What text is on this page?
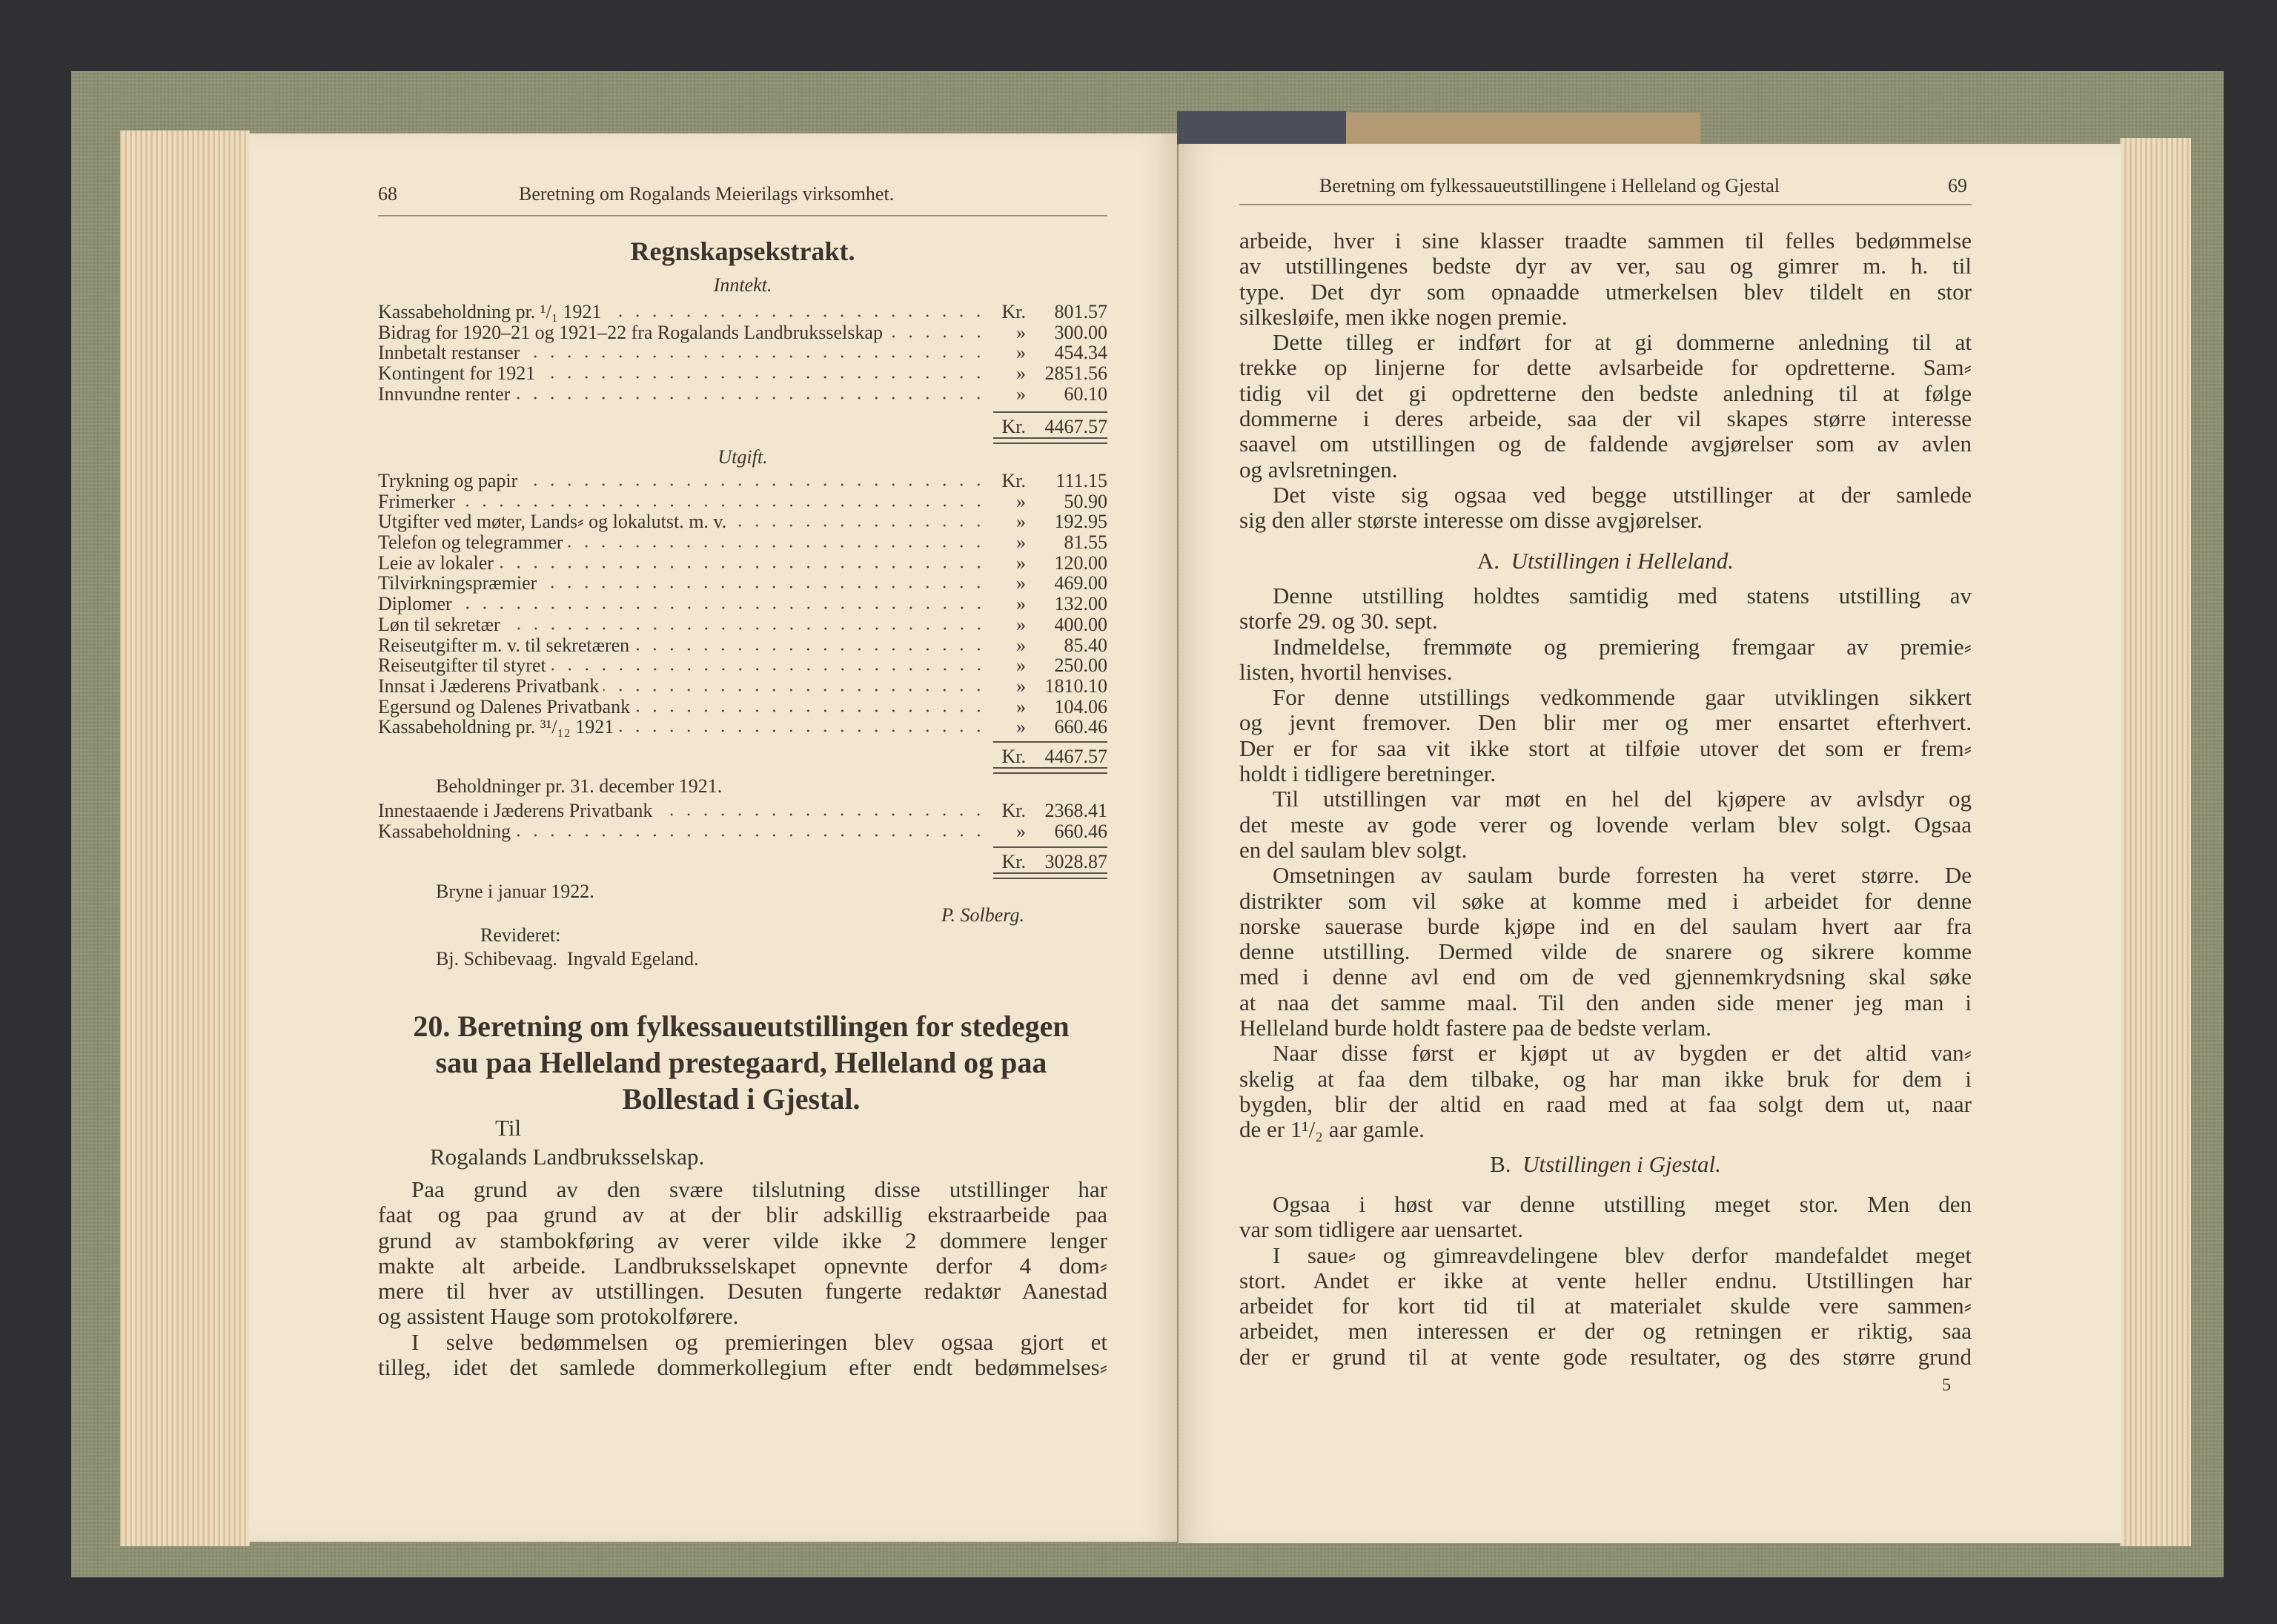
68	Beretning om Rogalands Meierilags virksomhet.
Regnskapsekstrakt.
Inntekt.
Kassabeholdning pr. ¹/₁ 1921	Kr.	801.57
Bidrag for 1920–21 og 1921–22 fra Rogalands Landbruksselskap	»	300.00
Innbetalt restanser	»	454.34
Kontingent for 1921	» 2851.56
Innvundne renter	»	60.10
Kr. 4467.57
Utgift.
Trykning og papir	Kr.	111.15
Frimerker	»	50.90
Utgifter ved møter, Lands⸗ og lokalutst. m. v.	»	192.95
Telefon og telegrammer	»	81.55
Leie av lokaler	»	120.00
Tilvirkningspræmier	»	469.00
Diplomer	»	132.00
Løn til sekretær	»	400.00
Reiseutgifter m. v. til sekretæren	»	85.40
Reiseutgifter til styret	»	250.00
Innsat i Jæderens Privatbank	» 1810.10
Egersund og Dalenes Privatbank	»	104.06
Kassabeholdning pr. ³¹/₁₂ 1921	»	660.46
Kr. 4467.57
Beholdninger pr. 31. december 1921.
Innestaaende i Jæderens Privatbank	Kr. 2368.41
Kassabeholdning	»	660.46
Kr. 3028.87
Bryne i januar 1922.
P. Solberg.
Revideret:
Bj. Schibevaag.  Ingvald Egeland.
20. Beretning om fylkessaueutstillingen for stedegen
sau paa Helleland prestegaard, Helleland og paa
Bollestad i Gjestal.
Til
Rogalands Landbruksselskap.
Paa grund av den svære tilslutning disse utstillinger har
faat og paa grund av at der blir adskillig ekstraarbeide paa
grund av stambokføring av verer vilde ikke 2 dommere lenger
makte alt arbeide. Landbruksselskapet opnevnte derfor 4 dom⸗
mere til hver av utstillingen. Desuten fungerte redaktør Aanestad
og assistent Hauge som protokolførere.
I selve bedømmelsen og premieringen blev ogsaa gjort et
tilleg, idet det samlede dommerkollegium efter endt bedømmelses⸗
Beretning om fylkessaueutstillingene i Helleland og Gjestal	69
arbeide, hver i sine klasser traadte sammen til felles bedømmelse
av utstillingenes bedste dyr av ver, sau og gimrer m. h. til
type. Det dyr som opnaadde utmerkelsen blev tildelt en stor
silkesløife, men ikke nogen premie.
Dette tilleg er indført for at gi dommerne anledning til at
trekke op linjerne for dette avlsarbeide for opdretterne. Sam⸗
tidig vil det gi opdretterne den bedste anledning til at følge
dommerne i deres arbeide, saa der vil skapes større interesse
saavel om utstillingen og de faldende avgjørelser som av avlen
og avlsretningen.
Det viste sig ogsaa ved begge utstillinger at der samlede
sig den aller største interesse om disse avgjørelser.
A. Utstillingen i Helleland.
Denne utstilling holdtes samtidig med statens utstilling av
storfe 29. og 30. sept.
Indmeldelse, fremmøte og premiering fremgaar av premie⸗
listen, hvortil henvises.
For denne utstillings vedkommende gaar utviklingen sikkert
og jevnt fremover. Den blir mer og mer ensartet efterhvert.
Der er for saa vit ikke stort at tilføie utover det som er frem⸗
holdt i tidligere beretninger.
Til utstillingen var møt en hel del kjøpere av avlsdyr og
det meste av gode verer og lovende verlam blev solgt. Ogsaa
en del saulam blev solgt.
Omsetningen av saulam burde forresten ha veret større. De
distrikter som vil søke at komme med i arbeidet for denne
norske sauerase burde kjøpe ind en del saulam hvert aar fra
denne utstilling. Dermed vilde de snarere og sikrere komme
med i denne avl end om de ved gjennemkrydsning skal søke
at naa det samme maal. Til den anden side mener jeg man i
Helleland burde holdt fastere paa de bedste verlam.
Naar disse først er kjøpt ut av bygden er det altid van⸗
skelig at faa dem tilbake, og har man ikke bruk for dem i
bygden, blir der altid en raad med at faa solgt dem ut, naar
de er 1¹/₂ aar gamle.
B. Utstillingen i Gjestal.
Ogsaa i høst var denne utstilling meget stor. Men den
var som tidligere aar uensartet.
I saue⸗ og gimreavdelingene blev derfor mandefaldet meget
stort. Andet er ikke at vente heller endnu. Utstillingen har
arbeidet for kort tid til at materialet skulde vere sammen⸗
arbeidet, men interessen er der og retningen er riktig, saa
der er grund til at vente gode resultater, og des større grund
5
